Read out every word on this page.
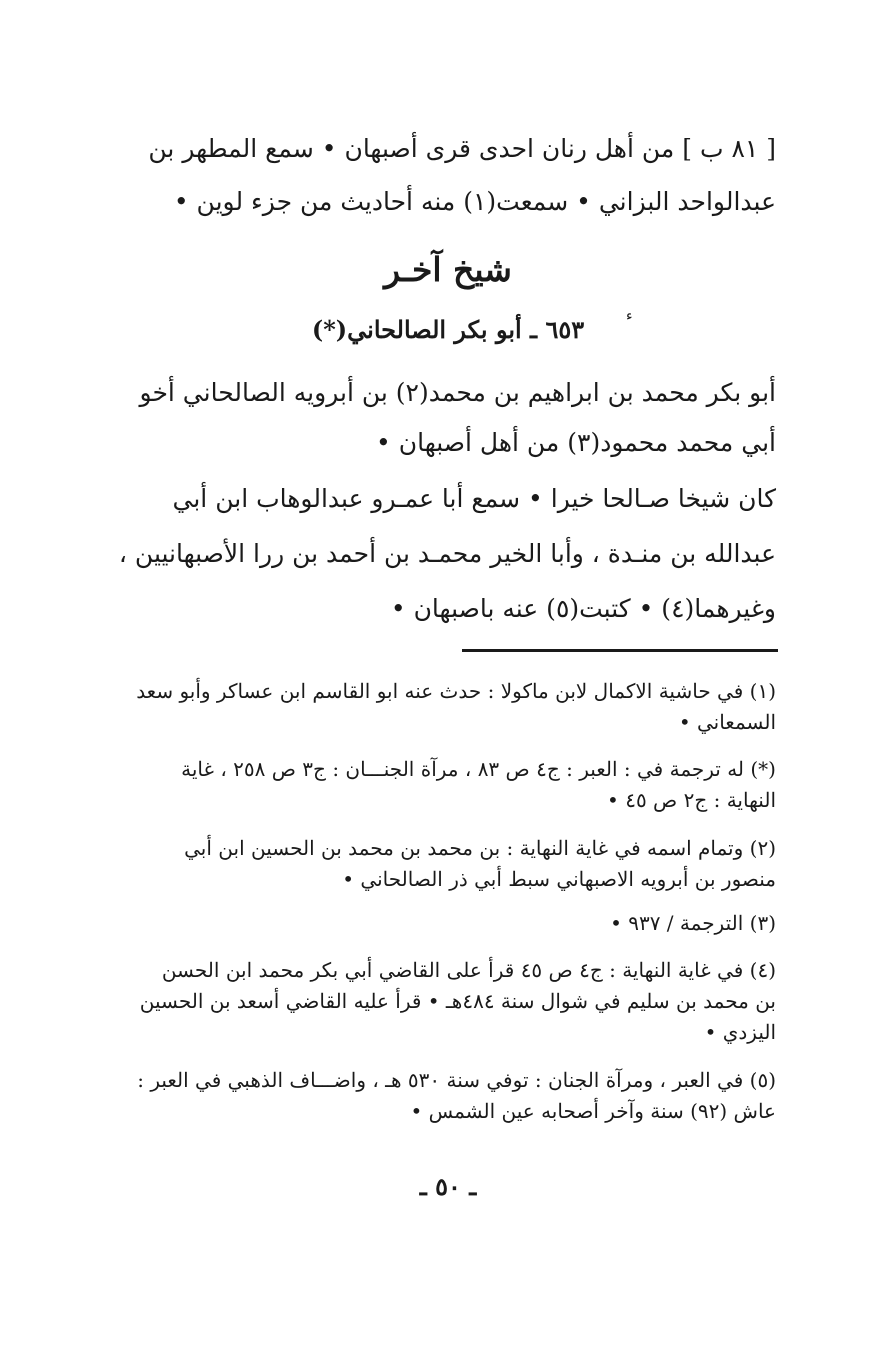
[ ٨١ ب ] من أهل رنان احدى قرى أصبهان • سمع المطهر بن
عبدالواحد البزاني • سمعت(١) منه أحاديث من جزء لوين •
شيخ آخـر
ء
٦٥٣ ـ أبو بكر الصالحاني(*)
أبو بكر محمد بن ابراهيم بن محمد(٢) بن أبرويه الصالحاني أخو
أبي محمد محمود(٣) من أهل أصبهان •
كان شيخا صـالحا خيرا • سمع أبا عمـرو عبدالوهاب ابن أبي
عبدالله بن منـدة ، وأبا الخير محمـد بن أحمد بن ررا الأصبهانيين ،
وغيرهما(٤) • كتبت(٥) عنه باصبهان •
(١) في حاشية الاكمال لابن ماكولا : حدث عنه ابو القاسم ابن عساكر وأبو سعد السمعاني •
(*) له ترجمة في : العبر : ج٤ ص ٨٣ ، مرآة الجنـــان : ج٣ ص ٢٥٨ ، غاية النهاية : ج٢ ص ٤٥ •
(٢) وتمام اسمه في غاية النهاية : بن محمد بن محمد بن الحسين ابن أبي منصور بن أبرويه الاصبهاني سبط أبي ذر الصالحاني •
(٣) الترجمة / ٩٣٧ •
(٤) في غاية النهاية : ج٤ ص ٤٥ قرأ على القاضي أبي بكر محمد ابن الحسن بن محمد بن سليم في شوال سنة ٤٨٤هـ • قرأ عليه القاضي أسعد بن الحسين اليزدي •
(٥) في العبر ، ومرآة الجنان : توفي سنة ٥٣٠ هـ ، واضـــاف الذهبي في العبر : عاش (٩٢) سنة وآخر أصحابه عين الشمس •
ـ ٥٠ ـ
